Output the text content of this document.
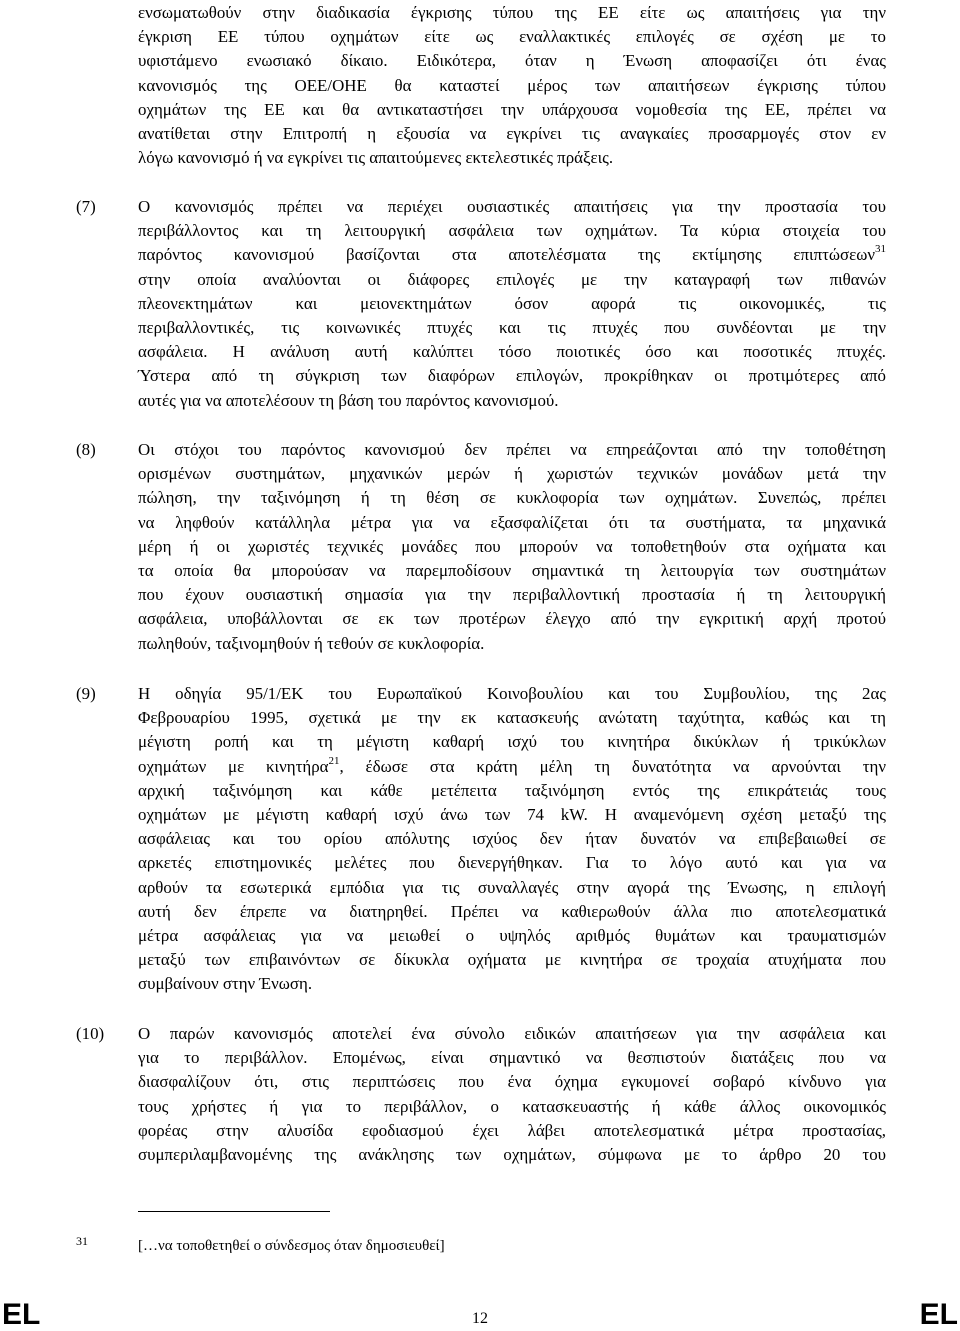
ενσωματωθούν στην διαδικασία έγκρισης τύπου της ΕΕ είτε ως απαιτήσεις για την
έγκριση ΕΕ τύπου οχημάτων είτε ως εναλλακτικές επιλογές σε σχέση με το
υφιστάμενο ενωσιακό δίκαιο. Ειδικότερα, όταν η Ένωση αποφασίζει ότι ένας
κανονισμός της ΟΕΕ/ΟΗΕ θα καταστεί μέρος των απαιτήσεων έγκρισης τύπου
οχημάτων της ΕΕ και θα αντικαταστήσει την υπάρχουσα νομοθεσία της ΕΕ, πρέπει να
ανατίθεται στην Επιτροπή η εξουσία να εγκρίνει τις αναγκαίες προσαρμογές στον εν
λόγω κανονισμό ή να εγκρίνει τις απαιτούμενες εκτελεστικές πράξεις.
(7)	Ο κανονισμός πρέπει να περιέχει ουσιαστικές απαιτήσεις για την προστασία του
περιβάλλοντος και τη λειτουργική ασφάλεια των οχημάτων. Τα κύρια στοιχεία του
παρόντος κανονισμού βασίζονται στα αποτελέσματα της εκτίμησης επιπτώσεων$^{31}$
στην οποία αναλύονται οι διάφορες επιλογές με την καταγραφή των πιθανών
πλεονεκτημάτων και μειονεκτημάτων όσον αφορά τις οικονομικές, τις
περιβαλλοντικές, τις κοινωνικές πτυχές και τις πτυχές που συνδέονται με την
ασφάλεια. Η ανάλυση αυτή καλύπτει τόσο ποιοτικές όσο και ποσοτικές πτυχές.
Ύστερα από τη σύγκριση των διαφόρων επιλογών, προκρίθηκαν οι προτιμότερες από
αυτές για να αποτελέσουν τη βάση του παρόντος κανονισμού.
(8)	Οι στόχοι του παρόντος κανονισμού δεν πρέπει να επηρεάζονται από την τοποθέτηση
ορισμένων συστημάτων, μηχανικών μερών ή χωριστών τεχνικών μονάδων μετά την
πώληση, την ταξινόμηση ή τη θέση σε κυκλοφορία των οχημάτων. Συνεπώς, πρέπει
να ληφθούν κατάλληλα μέτρα για να εξασφαλίζεται ότι τα συστήματα, τα μηχανικά
μέρη ή οι χωριστές τεχνικές μονάδες που μπορούν να τοποθετηθούν στα οχήματα και
τα οποία θα μπορούσαν να παρεμποδίσουν σημαντικά τη λειτουργία των συστημάτων
που έχουν ουσιαστική σημασία για την περιβαλλοντική προστασία ή τη λειτουργική
ασφάλεια, υποβάλλονται σε εκ των προτέρων έλεγχο από την εγκριτική αρχή προτού
πωληθούν, ταξινομηθούν ή τεθούν σε κυκλοφορία.
(9)	Η οδηγία 95/1/ΕΚ του Ευρωπαϊκού Κοινοβουλίου και του Συμβουλίου, της 2ας
Φεβρουαρίου 1995, σχετικά με την εκ κατασκευής ανώτατη ταχύτητα, καθώς και τη
μέγιστη ροπή και τη μέγιστη καθαρή ισχύ του κινητήρα δικύκλων ή τρικύκλων
οχημάτων με κινητήρα$^{21}$, έδωσε στα κράτη μέλη τη δυνατότητα να αρνούνται την
αρχική ταξινόμηση και κάθε μετέπειτα ταξινόμηση εντός της επικράτειάς τους
οχημάτων με μέγιστη καθαρή ισχύ άνω των 74 kW. Η αναμενόμενη σχέση μεταξύ της
ασφάλειας και του ορίου απόλυτης ισχύος δεν ήταν δυνατόν να επιβεβαιωθεί σε
αρκετές επιστημονικές μελέτες που διενεργήθηκαν. Για το λόγο αυτό και για να
αρθούν τα εσωτερικά εμπόδια για τις συναλλαγές στην αγορά της Ένωσης, η επιλογή
αυτή δεν έπρεπε να διατηρηθεί. Πρέπει να καθιερωθούν άλλα πιο αποτελεσματικά
μέτρα ασφάλειας για να μειωθεί ο υψηλός αριθμός θυμάτων και τραυματισμών
μεταξύ των επιβαινόντων σε δίκυκλα οχήματα με κινητήρα σε τροχαία ατυχήματα που
συμβαίνουν στην Ένωση.
(10) Ο παρών κανονισμός αποτελεί ένα σύνολο ειδικών απαιτήσεων για την ασφάλεια και
για το περιβάλλον. Επομένως, είναι σημαντικό να θεσπιστούν διατάξεις που να
διασφαλίζουν ότι, στις περιπτώσεις που ένα όχημα εγκυμονεί σοβαρό κίνδυνο για
τους χρήστες ή για το περιβάλλον, ο κατασκευαστής ή κάθε άλλος οικονομικός
φορέας στην αλυσίδα εφοδιασμού έχει λάβει αποτελεσματικά μέτρα προστασίας,
συμπεριλαμβανομένης της ανάκλησης των οχημάτων, σύμφωνα με το άρθρο 20 του
31	[…να τοποθετηθεί ο σύνδεσμος όταν δημοσιευθεί]
EL	12	EL
